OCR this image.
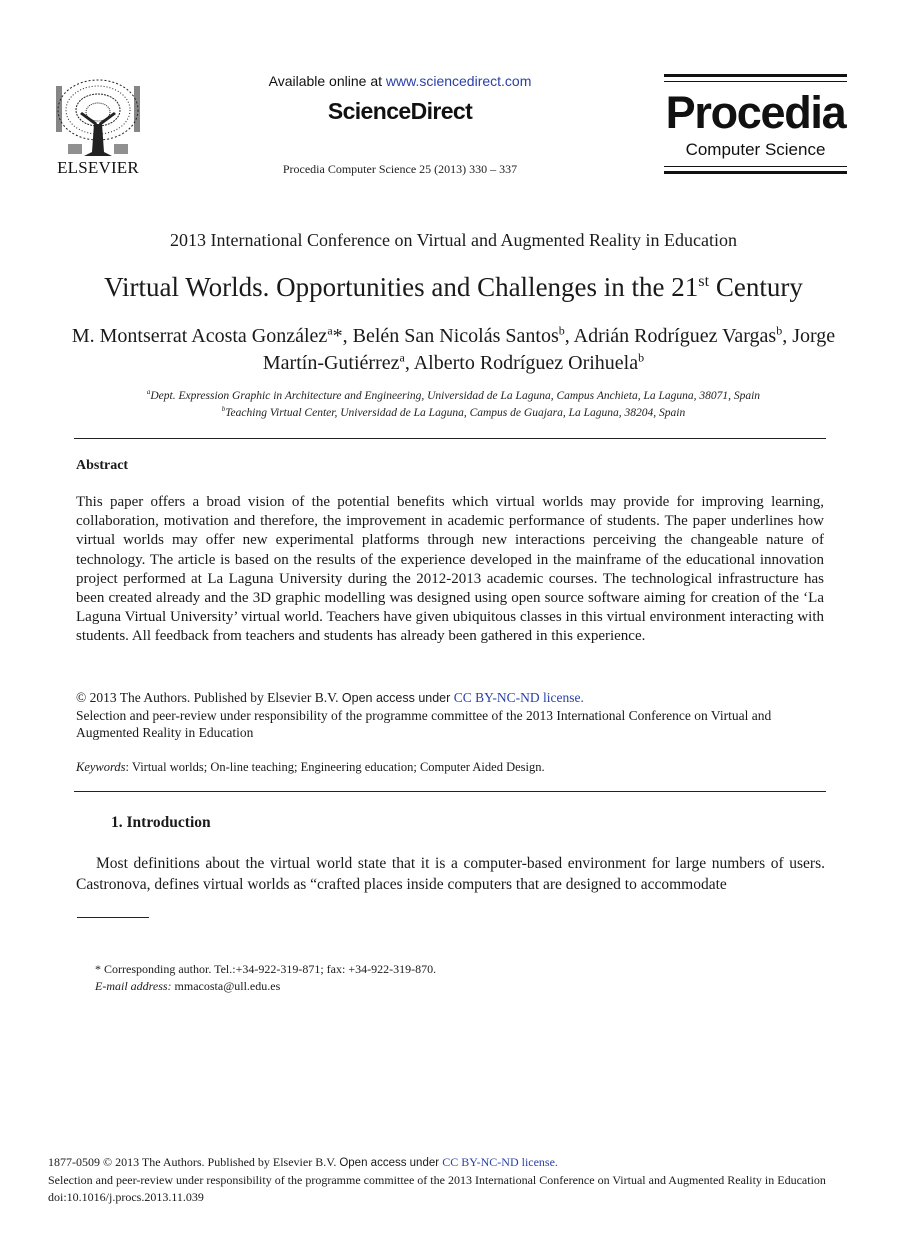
ELSEVIER
Available online at www.sciencedirect.com
ScienceDirect
Procedia Computer Science 25 (2013) 330 – 337
Procedia
Computer Science
2013 International Conference on Virtual and Augmented Reality in Education
Virtual Worlds. Opportunities and Challenges in the 21st Century
M. Montserrat Acosta González$^a$*, Belén San Nicolás Santos$^b$, Adrián Rodríguez Vargas$^b$, Jorge Martín-Gutiérrez$^a$, Alberto Rodríguez Orihuela$^b$
$^a$Dept. Expression Graphic in Architecture and Engineering, Universidad de La Laguna, Campus Anchieta, La Laguna, 38071, Spain
$^b$Teaching Virtual Center, Universidad de La Laguna, Campus de Guajara, La Laguna, 38204, Spain
Abstract
This paper offers a broad vision of the potential benefits which virtual worlds may provide for improving learning, collaboration, motivation and therefore, the improvement in academic performance of students. The paper underlines how virtual worlds may offer new experimental platforms through new interactions perceiving the changeable nature of technology. The article is based on the results of the experience developed in the mainframe of the educational innovation project performed at La Laguna University during the 2012-2013 academic courses. The technological infrastructure has been created already and the 3D graphic modelling was designed using open source software aiming for creation of the ‘La Laguna Virtual University’ virtual world. Teachers have given ubiquitous classes in this virtual environment interacting with students. All feedback from teachers and students has already been gathered in this experience.
© 2013 The Authors. Published by Elsevier B.V. Open access under CC BY-NC-ND license.
Selection and peer-review under responsibility of the programme committee of the 2013 International Conference on Virtual and Augmented Reality in Education
Keywords: Virtual worlds; On-line teaching; Engineering education; Computer Aided Design.
1. Introduction
Most definitions about the virtual world state that it is a computer-based environment for large numbers of users. Castronova, defines virtual worlds as “crafted places inside computers that are designed to accommodate
* Corresponding author. Tel.:+34-922-319-871; fax: +34-922-319-870.
E-mail address: mmacosta@ull.edu.es
1877-0509 © 2013 The Authors. Published by Elsevier B.V. Open access under CC BY-NC-ND license.
Selection and peer-review under responsibility of the programme committee of the 2013 International Conference on Virtual and Augmented Reality in Education
doi:10.1016/j.procs.2013.11.039
